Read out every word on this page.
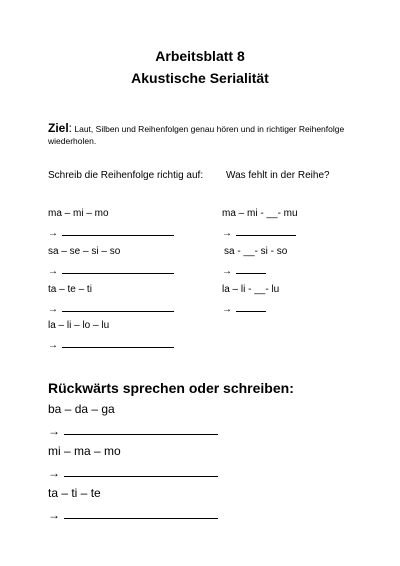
Arbeitsblatt 8
Akustische Serialität
Ziel: Laut, Silben und Reihenfolgen genau hören und in richtiger Reihenfolge wiederholen.
Schreib die Reihenfolge richtig auf: Was fehlt in der Reihe?
ma – mi – mo
→
sa – se – si – so
→
ta – te – ti
→
la – li – lo – lu
→
ma – mi - __- mu
→
sa - __- si - so
→
la – li - __- lu
→
Rückwärts sprechen oder schreiben:
ba – da – ga
→
mi – ma – mo
→
ta – ti – te
→
